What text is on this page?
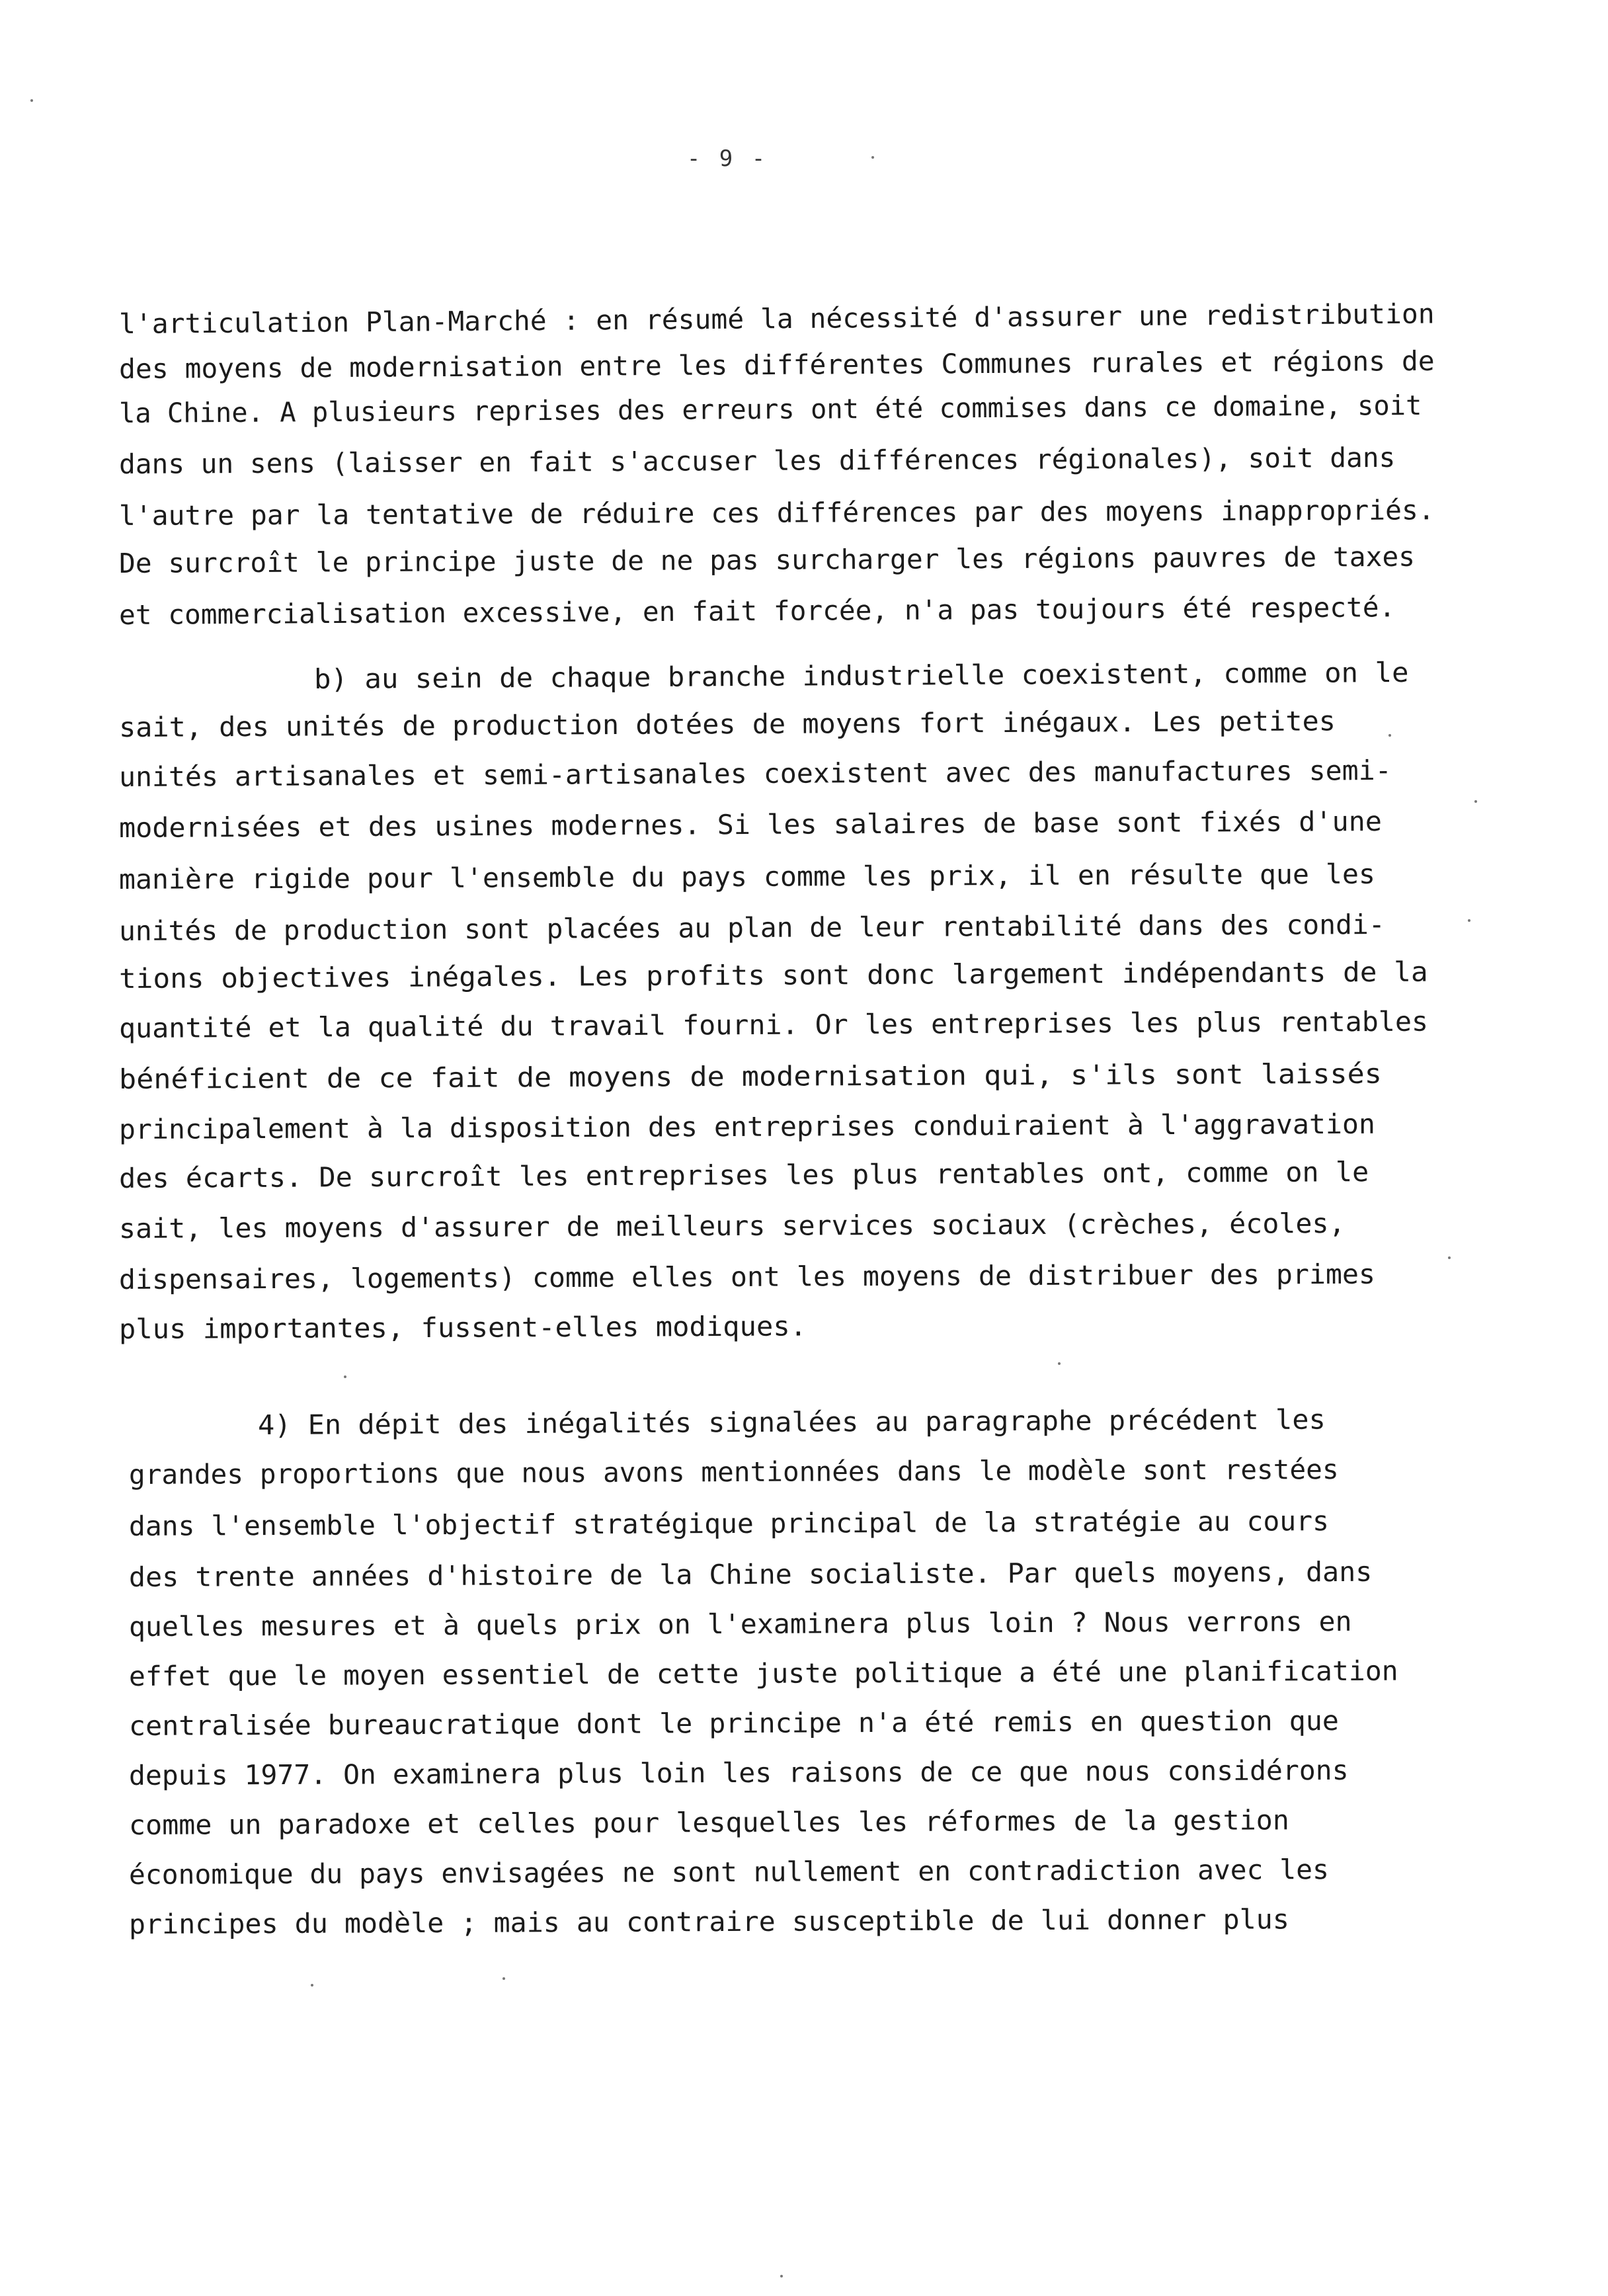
- 9 -
l'articulation Plan-Marché : en résumé la nécessité d'assurer une redistribution
des moyens de modernisation entre les différentes Communes rurales et régions de
la Chine. A plusieurs reprises des erreurs ont été commises dans ce domaine, soit
dans un sens (laisser en fait s'accuser les différences régionales), soit dans
l'autre par la tentative de réduire ces différences par des moyens inappropriés.
De surcroît le principe juste de ne pas surcharger les régions pauvres de taxes
et commercialisation excessive, en fait forcée, n'a pas toujours été respecté.
b) au sein de chaque branche industrielle coexistent, comme on le
sait, des unités de production dotées de moyens fort inégaux. Les petites
unités artisanales et semi-artisanales coexistent avec des manufactures semi-
modernisées et des usines modernes. Si les salaires de base sont fixés d'une
manière rigide pour l'ensemble du pays comme les prix, il en résulte que les
unités de production sont placées au plan de leur rentabilité dans des condi-
tions objectives inégales. Les profits sont donc largement indépendants de la
quantité et la qualité du travail fourni. Or les entreprises les plus rentables
bénéficient de ce fait de moyens de modernisation qui, s'ils sont laissés
principalement à la disposition des entreprises conduiraient à l'aggravation
des écarts. De surcroît les entreprises les plus rentables ont, comme on le
sait, les moyens d'assurer de meilleurs services sociaux (crèches, écoles,
dispensaires, logements) comme elles ont les moyens de distribuer des primes
plus importantes, fussent-elles modiques.
4) En dépit des inégalités signalées au paragraphe précédent les
grandes proportions que nous avons mentionnées dans le modèle sont restées
dans l'ensemble l'objectif stratégique principal de la stratégie au cours
des trente années d'histoire de la Chine socialiste. Par quels moyens, dans
quelles mesures et à quels prix on l'examinera plus loin ? Nous verrons en
effet que le moyen essentiel de cette juste politique a été une planification
centralisée bureaucratique dont le principe n'a été remis en question que
depuis 1977. On examinera plus loin les raisons de ce que nous considérons
comme un paradoxe et celles pour lesquelles les réformes de la gestion
économique du pays envisagées ne sont nullement en contradiction avec les
principes du modèle ; mais au contraire susceptible de lui donner plus
